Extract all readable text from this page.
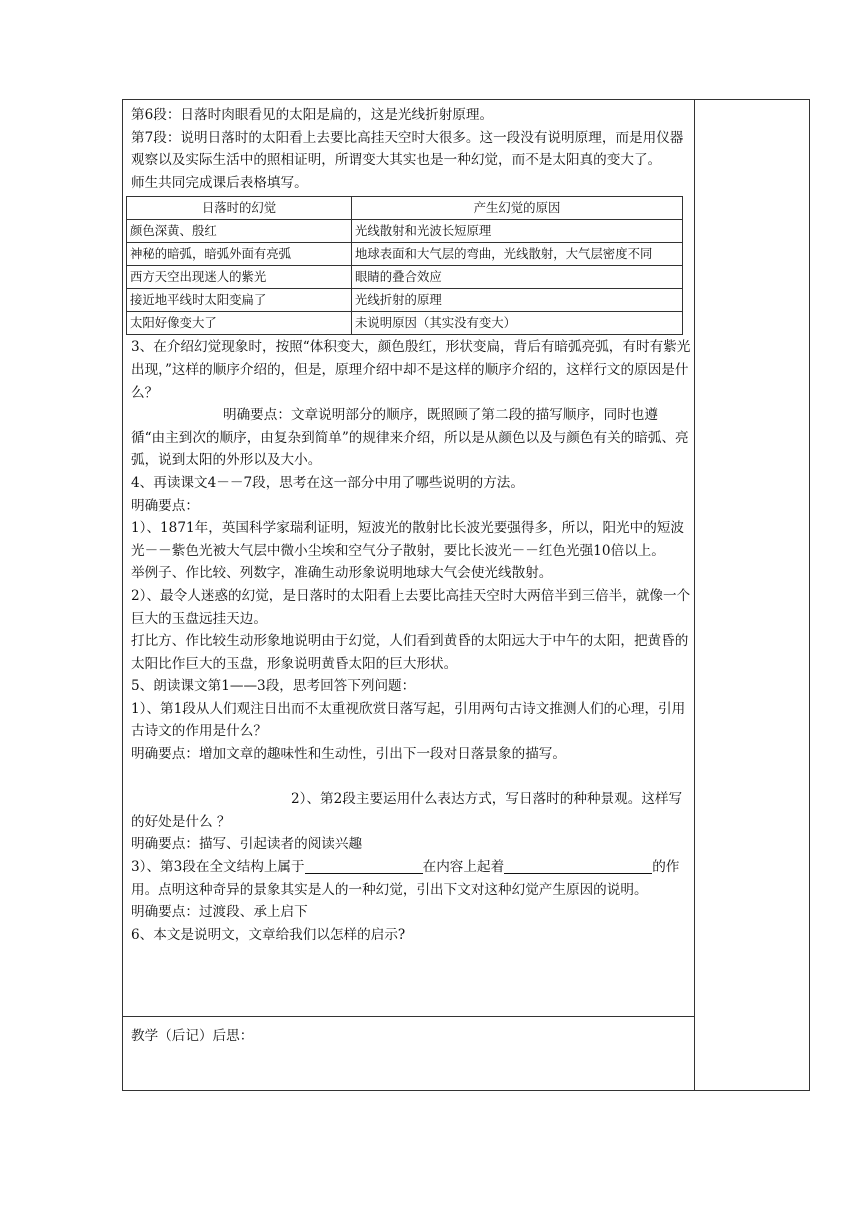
第6段：日落时肉眼看见的太阳是扁的，这是光线折射原理。

第7段：说明日落时的太阳看上去要比高挂天空时大很多。这一段没有说明原理，而是用仪器观察以及实际生活中的照相证明，所谓变大其实也是一种幻觉，而不是太阳真的变大了。

师生共同完成课后表格填写。

日落时的幻觉	产生幻觉的原因
颜色深黄、殷红	光线散射和光波长短原理
神秘的暗弧，暗弧外面有亮弧	地球表面和大气层的弯曲，光线散射，大气层密度不同
西方天空出现迷人的紫光	眼睛的叠合效应
接近地平线时太阳变扁了	光线折射的原理
太阳好像变大了	未说明原因（其实没有变大）

3、在介绍幻觉现象时，按照“体积变大，颜色殷红，形状变扁，背后有暗弧亮弧，有时有紫光出现，”这样的顺序介绍的，但是，原理介绍中却不是这样的顺序介绍的，这样行文的原因是什么？

明确要点：文章说明部分的顺序，既照顾了第二段的描写顺序，同时也遵循“由主到次的顺序，由复杂到简单”的规律来介绍，所以是从颜色以及与颜色有关的暗弧、亮弧，说到太阳的外形以及大小。

4、再读课文4－－7段，思考在这一部分中用了哪些说明的方法。

明确要点：

1）、1871年，英国科学家瑞利证明，短波光的散射比长波光要强得多，所以，阳光中的短波光－－紫色光被大气层中微小尘埃和空气分子散射，要比长波光－－红色光强10倍以上。

举例子、作比较、列数字，准确生动形象说明地球大气会使光线散射。

2）、最令人迷惑的幻觉，是日落时的太阳看上去要比高挂天空时大两倍半到三倍半，就像一个巨大的玉盘远挂天边。

打比方、作比较生动形象地说明由于幻觉，人们看到黄昏的太阳远大于中午的太阳，把黄昏的太阳比作巨大的玉盘，形象说明黄昏太阳的巨大形状。

5、朗读课文第1——3段，思考回答下列问题：

1）、第1段从人们观注日出而不太重视欣赏日落写起，引用两句古诗文推测人们的心理，引用古诗文的作用是什么？

明确要点：增加文章的趣味性和生动性，引出下一段对日落景象的描写。

2）、第2段主要运用什么表达方式，写日落时的种种景观。这样写的好处是什么 ？

明确要点：描写、引起读者的阅读兴趣

3）、第3段在全文结构上属于	在内容上起着	的作用。点明这种奇异的景象其实是人的一种幻觉，引出下文对这种幻觉产生原因的说明。

明确要点：过渡段、承上启下

6、本文是说明文，文章给我们以怎样的启示?

教学（后记）后思：
